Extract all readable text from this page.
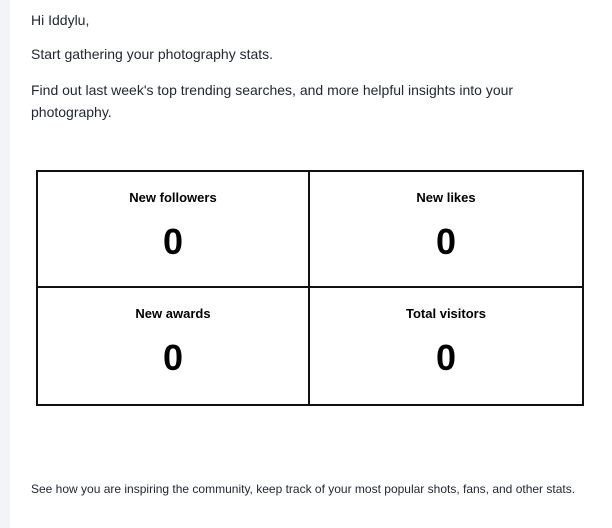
Hi Iddylu,

Start gathering your photography stats.

Find out last week's top trending searches, and more helpful insights into your photography.

New followers
0
New likes
0
New awards
0
Total visitors
0

See how you are inspiring the community, keep track of your most popular shots, fans, and other stats.
